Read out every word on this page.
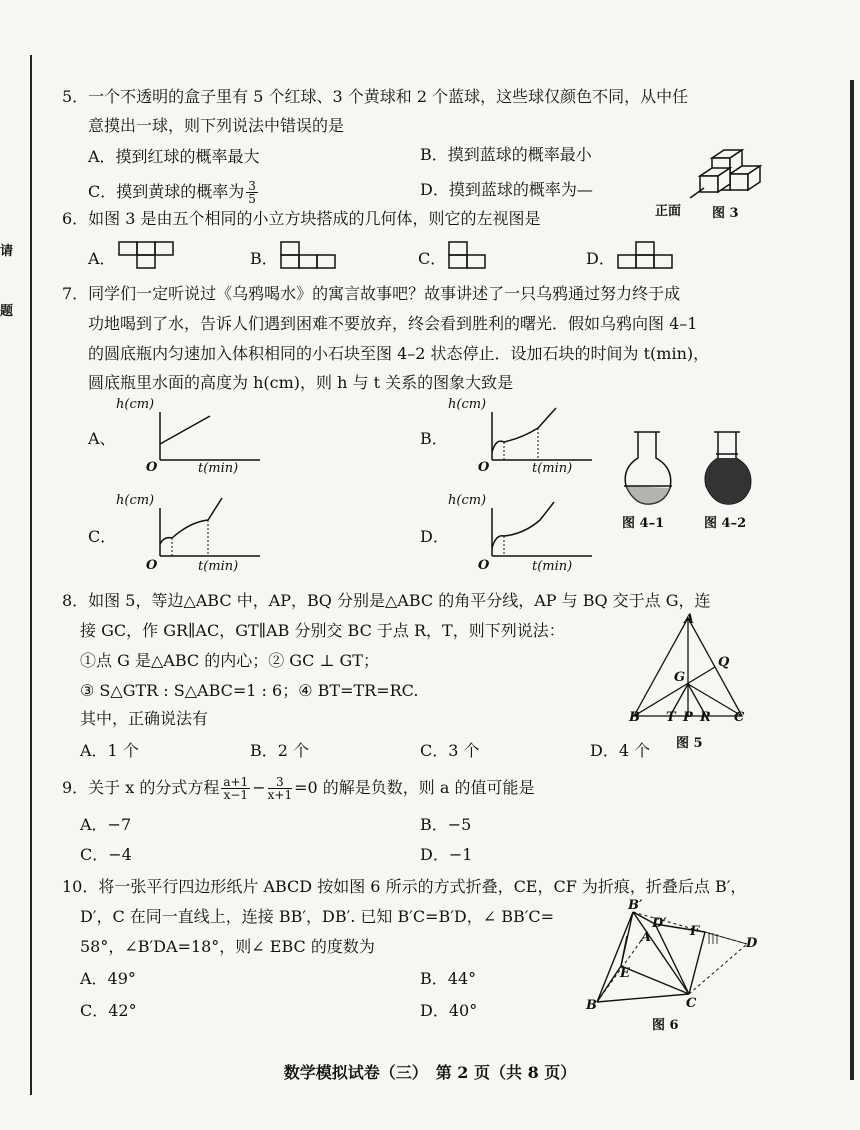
请
题
5．一个不透明的盒子里有 5 个红球、3 个黄球和 2 个蓝球，这些球仅颜色不同，从中任
意摸出一球，则下列说法中错误的是
A．摸到红球的概率最大	B．摸到蓝球的概率最小
C．摸到黄球的概率为 $\frac{3}{5}$	D．摸到蓝球的概率为—
正面 图 3
6．如图 3 是由五个相同的小立方块搭成的几何体，则它的左视图是
A．	B．	C．	D．
7．同学们一定听说过《乌鸦喝水》的寓言故事吧？故事讲述了一只乌鸦通过努力终于成
功地喝到了水，告诉人们遇到困难不要放弃，终会看到胜利的曙光．假如乌鸦向图 4–1
的圆底瓶内匀速加入体积相同的小石块至图 4–2 状态停止．设加石块的时间为 t(min)，
圆底瓶里水面的高度为 h(cm)，则 h 与 t 关系的图象大致是
A、
h(cm)
t(min)
O
B．
h(cm)
t(min)
O
C．
h(cm)
t(min)
O
D．
h(cm)
t(min)
O
图 4–1	图 4–2
8．如图 5，等边△ABC 中，AP，BQ 分别是△ABC 的角平分线，AP 与 BQ 交于点 G，连
接 GC，作 GR∥AC，GT∥AB 分别交 BC 于点 R，T，则下列说法：
①点 G 是△ABC 的内心；② GC ⊥ GT；
③ S△GTR : S△ABC=1 : 6；④ BT=TR=RC.
其中，正确说法有
A．1 个	B．2 个	C．3 个	D．4 个
A
Q
G
B T P R C
图 5
9．关于 x 的分式方程 $\frac{a+1}{x-1} - \frac{3}{x+1} =0$ 的解是负数，则 a 的值可能是
A．−7	B．−5
C．−4	D．−1
10．将一张平行四边形纸片 ABCD 按如图 6 所示的方式折叠，CE，CF 为折痕，折叠后点 B′，
D′，C 在同一直线上，连接 BB′，DB′. 已知 B′C=B′D，∠ BB′C=
58°，∠B′DA=18°，则∠ EBC 的度数为
A．49°	B．44°
C．42°	D．40°
B′
D′
A	F
D
E
B	C
图 6
数学模拟试卷（三）　第 2 页（共 8 页）
